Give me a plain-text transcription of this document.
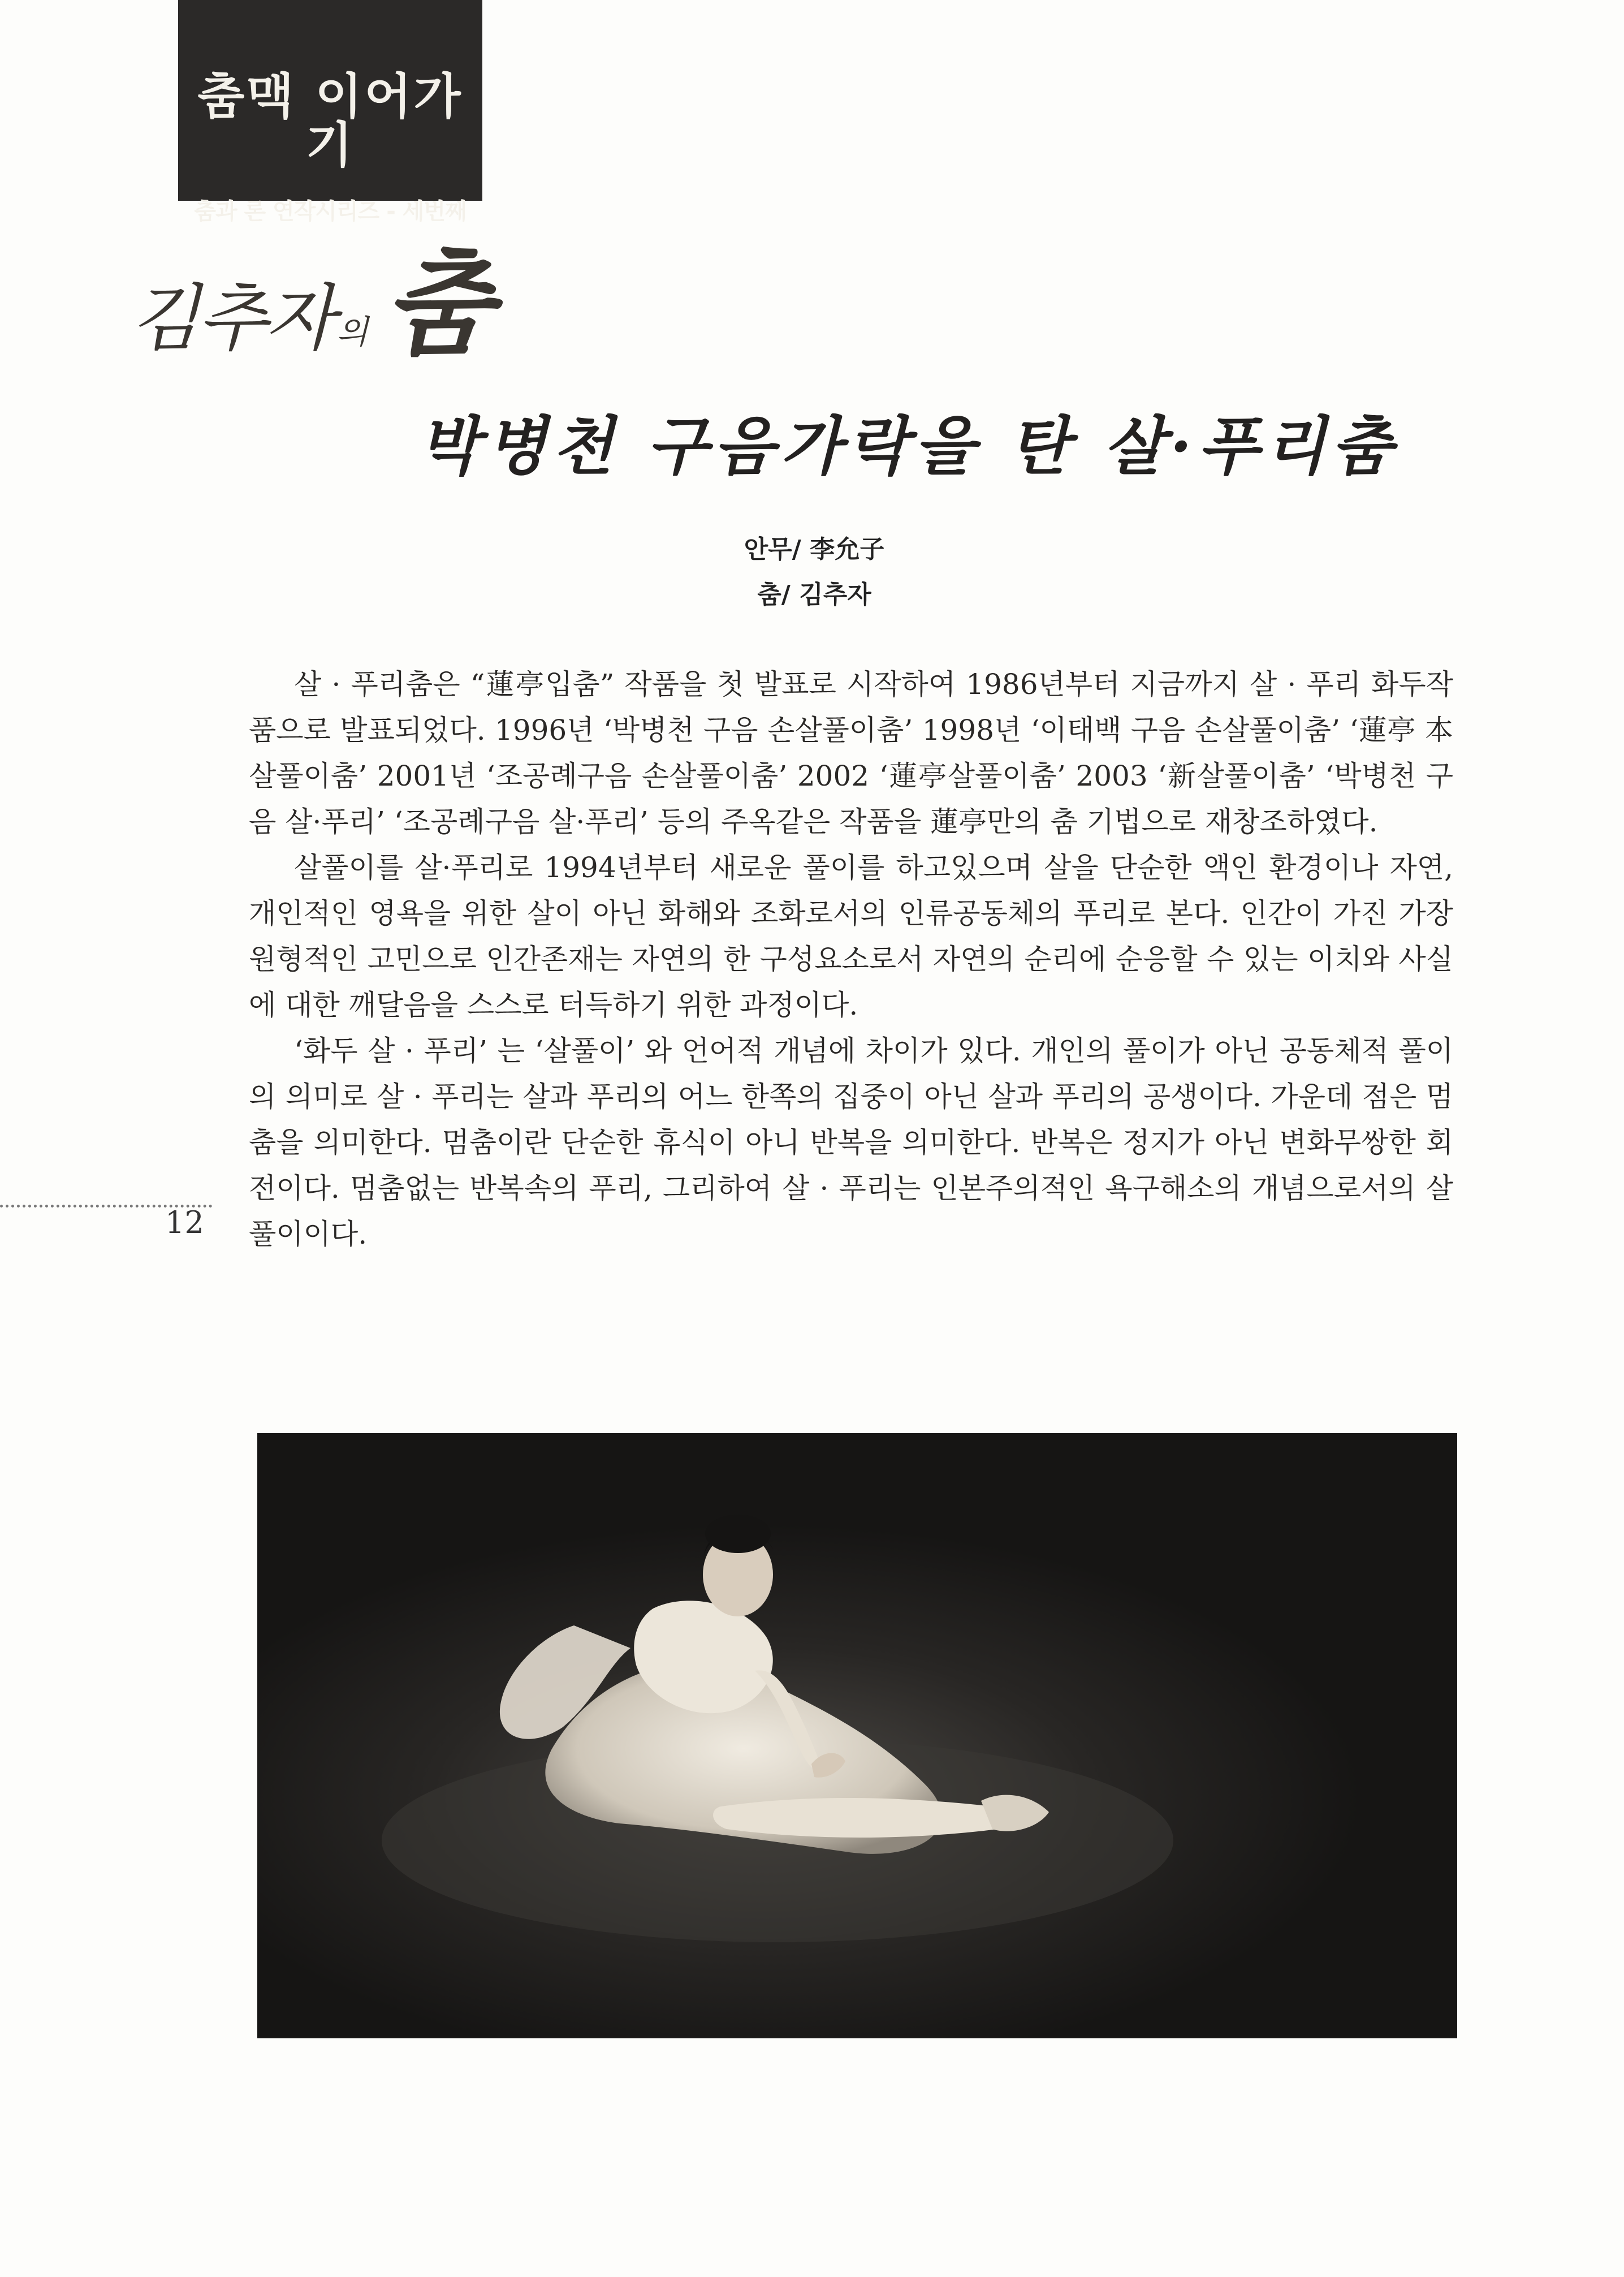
춤맥 이어가기
춤과 론 연작시리즈 - 세번째
김추자 의 춤
박병천 구음가락을 탄 살·푸리춤
안무/ 李允子
춤/ 김추자

살 · 푸리춤은 “蓮亭입춤” 작품을 첫 발표로 시작하여 1986년부터 지금까지 살 · 푸리 화두작품으로 발표되었다. 1996년 ‘박병천 구음 손살풀이춤’ 1998년 ‘이태백 구음 손살풀이춤’ ‘蓮亭 本살풀이춤’ 2001년 ‘조공례구음 손살풀이춤’ 2002 ‘蓮亭살풀이춤’ 2003 ‘新살풀이춤’ ‘박병천 구음 살·푸리’ ‘조공례구음 살·푸리’ 등의 주옥같은 작품을 蓮亭만의 춤 기법으로 재창조하였다.

살풀이를 살·푸리로 1994년부터 새로운 풀이를 하고있으며 살을 단순한 액인 환경이나 자연, 개인적인 영욕을 위한 살이 아닌 화해와 조화로서의 인류공동체의 푸리로 본다. 인간이 가진 가장 원형적인 고민으로 인간존재는 자연의 한 구성요소로서 자연의 순리에 순응할 수 있는 이치와 사실에 대한 깨달음을 스스로 터득하기 위한 과정이다.

‘화두 살 · 푸리’ 는 ‘살풀이’ 와 언어적 개념에 차이가 있다. 개인의 풀이가 아닌 공동체적 풀이의 의미로 살 · 푸리는 살과 푸리의 어느 한쪽의 집중이 아닌 살과 푸리의 공생이다. 가운데 점은 멈춤을 의미한다. 멈춤이란 단순한 휴식이 아니 반복을 의미한다. 반복은 정지가 아닌 변화무쌍한 회전이다. 멈춤없는 반복속의 푸리, 그리하여 살 · 푸리는 인본주의적인 욕구해소의 개념으로서의 살풀이이다.

12
